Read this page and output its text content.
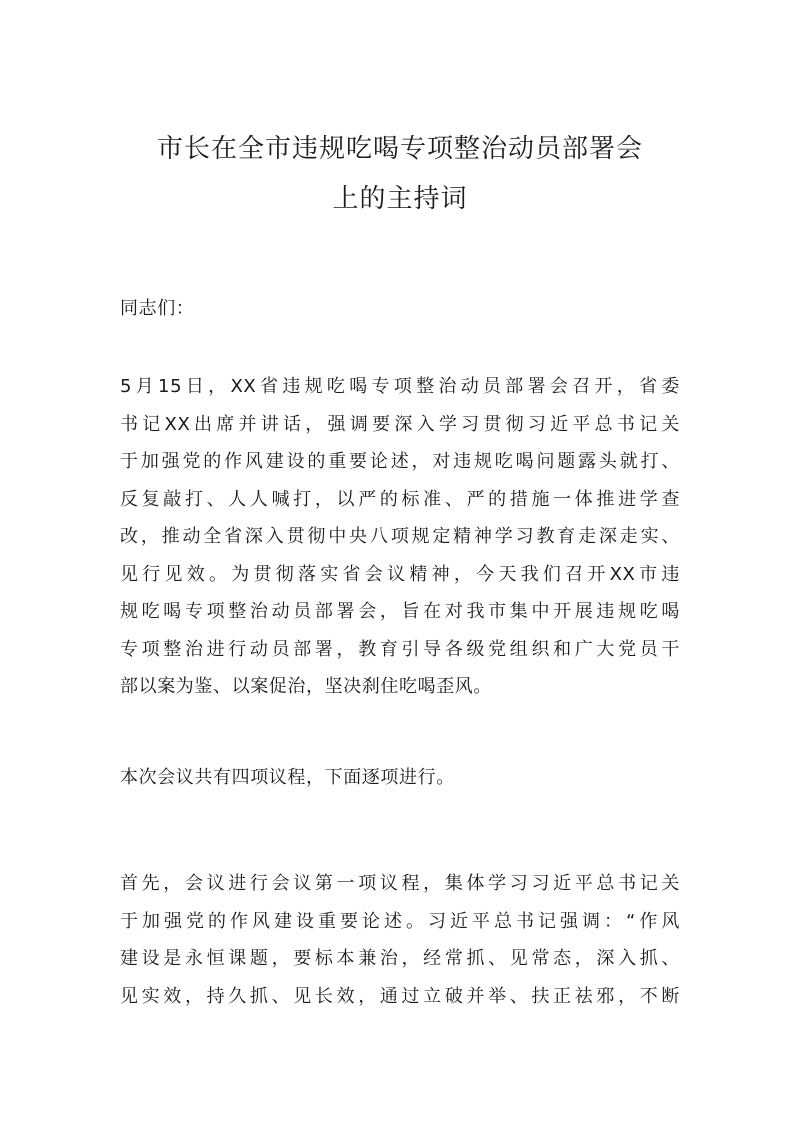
市长在全市违规吃喝专项整治动员部署会
上的主持词

同志们：

5月15日，XX省违规吃喝专项整治动员部署会召开，省委
书记XX出席并讲话，强调要深入学习贯彻习近平总书记关
于加强党的作风建设的重要论述，对违规吃喝问题露头就打、
反复敲打、人人喊打，以严的标准、严的措施一体推进学查
改，推动全省深入贯彻中央八项规定精神学习教育走深走实、
见行见效。为贯彻落实省会议精神，今天我们召开XX市违
规吃喝专项整治动员部署会，旨在对我市集中开展违规吃喝
专项整治进行动员部署，教育引导各级党组织和广大党员干
部以案为鉴、以案促治，坚决刹住吃喝歪风。

本次会议共有四项议程，下面逐项进行。

首先，会议进行会议第一项议程，集体学习习近平总书记关
于加强党的作风建设重要论述。习近平总书记强调：“作风
建设是永恒课题，要标本兼治，经常抓、见常态，深入抓、
见实效，持久抓、见长效，通过立破并举、扶正祛邪，不断
